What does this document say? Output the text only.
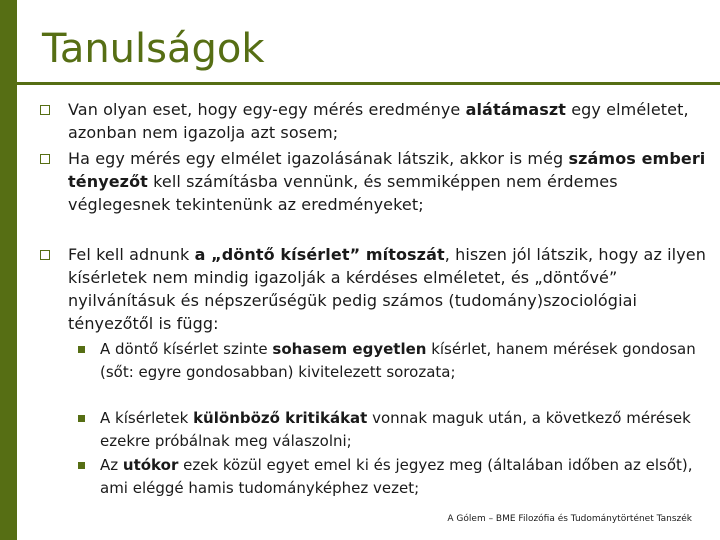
Tanulságok
Van olyan eset, hogy egy-egy mérés eredménye alátámaszt egy elméletet, azonban nem igazolja azt sosem;
Ha egy mérés egy elmélet igazolásának látszik, akkor is még számos emberi tényezőt kell számításba vennünk, és semmiképpen nem érdemes véglegesnek tekintenünk az eredményeket;
Fel kell adnunk a „döntő kísérlet” mítoszát, hiszen jól látszik, hogy az ilyen kísérletek nem mindig igazolják a kérdéses elméletet, és „döntővé” nyilvánításuk és népszerűségük pedig számos (tudomány)szociológiai tényezőtől is függ:
A döntő kísérlet szinte sohasem egyetlen kísérlet, hanem mérések gondosan (sőt: egyre gondosabban) kivitelezett sorozata;
A kísérletek különböző kritikákat vonnak maguk után, a következő mérések ezekre próbálnak meg válaszolni;
Az utókor ezek közül egyet emel ki és jegyez meg (általában időben az elsőt), ami eléggé hamis tudományképhez vezet;
A Gólem – BME Filozófia és Tudománytörténet Tanszék
